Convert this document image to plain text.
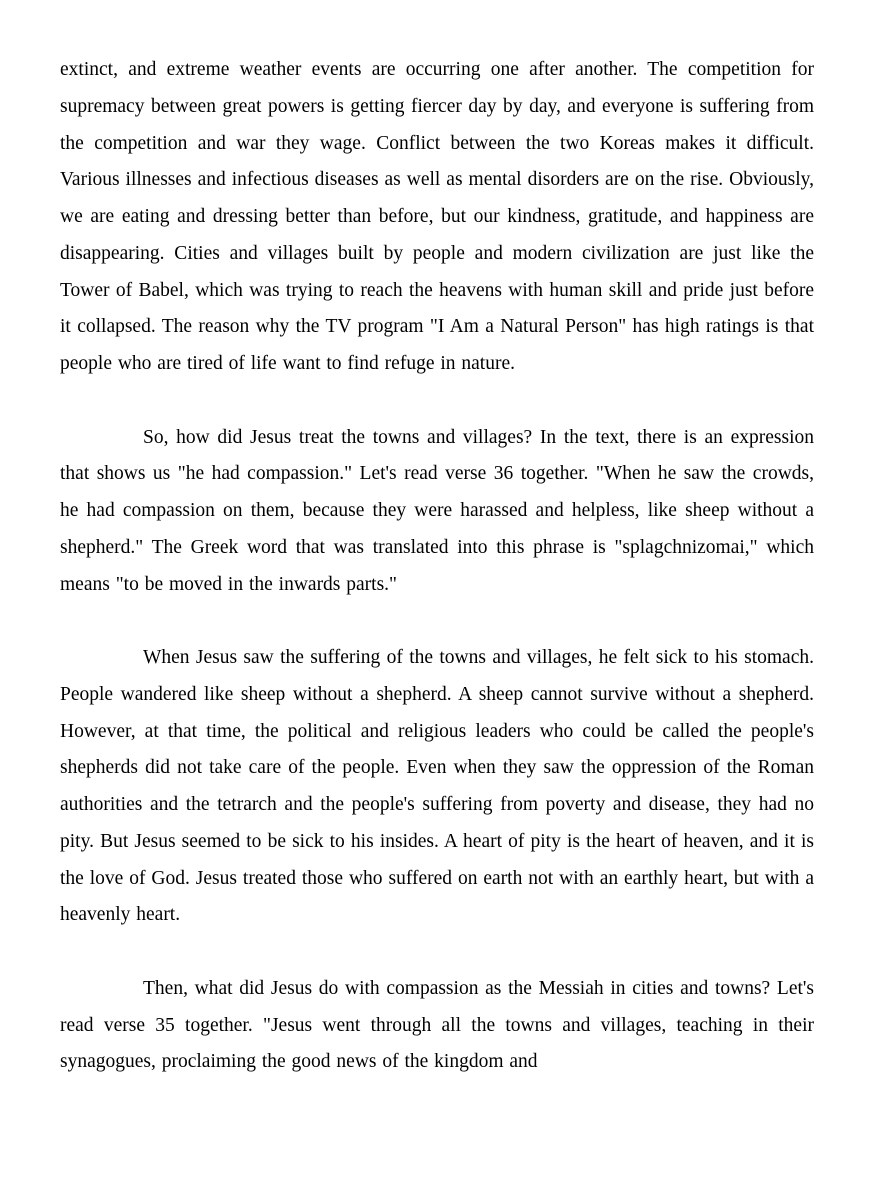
extinct, and extreme weather events are occurring one after another. The competition for supremacy between great powers is getting fiercer day by day, and everyone is suffering from the competition and war they wage. Conflict between the two Koreas makes it difficult. Various illnesses and infectious diseases as well as mental disorders are on the rise. Obviously, we are eating and dressing better than before, but our kindness, gratitude, and happiness are disappearing. Cities and villages built by people and modern civilization are just like the Tower of Babel, which was trying to reach the heavens with human skill and pride just before it collapsed. The reason why the TV program "I Am a Natural Person" has high ratings is that people who are tired of life want to find refuge in nature.

So, how did Jesus treat the towns and villages? In the text, there is an expression that shows us "he had compassion." Let's read verse 36 together. "When he saw the crowds, he had compassion on them, because they were harassed and helpless, like sheep without a shepherd." The Greek word that was translated into this phrase is "splagchnizomai," which means "to be moved in the inwards parts."

When Jesus saw the suffering of the towns and villages, he felt sick to his stomach. People wandered like sheep without a shepherd. A sheep cannot survive without a shepherd. However, at that time, the political and religious leaders who could be called the people's shepherds did not take care of the people. Even when they saw the oppression of the Roman authorities and the tetrarch and the people's suffering from poverty and disease, they had no pity. But Jesus seemed to be sick to his insides. A heart of pity is the heart of heaven, and it is the love of God. Jesus treated those who suffered on earth not with an earthly heart, but with a heavenly heart.

Then, what did Jesus do with compassion as the Messiah in cities and towns? Let's read verse 35 together. "Jesus went through all the towns and villages, teaching in their synagogues, proclaiming the good news of the kingdom and
